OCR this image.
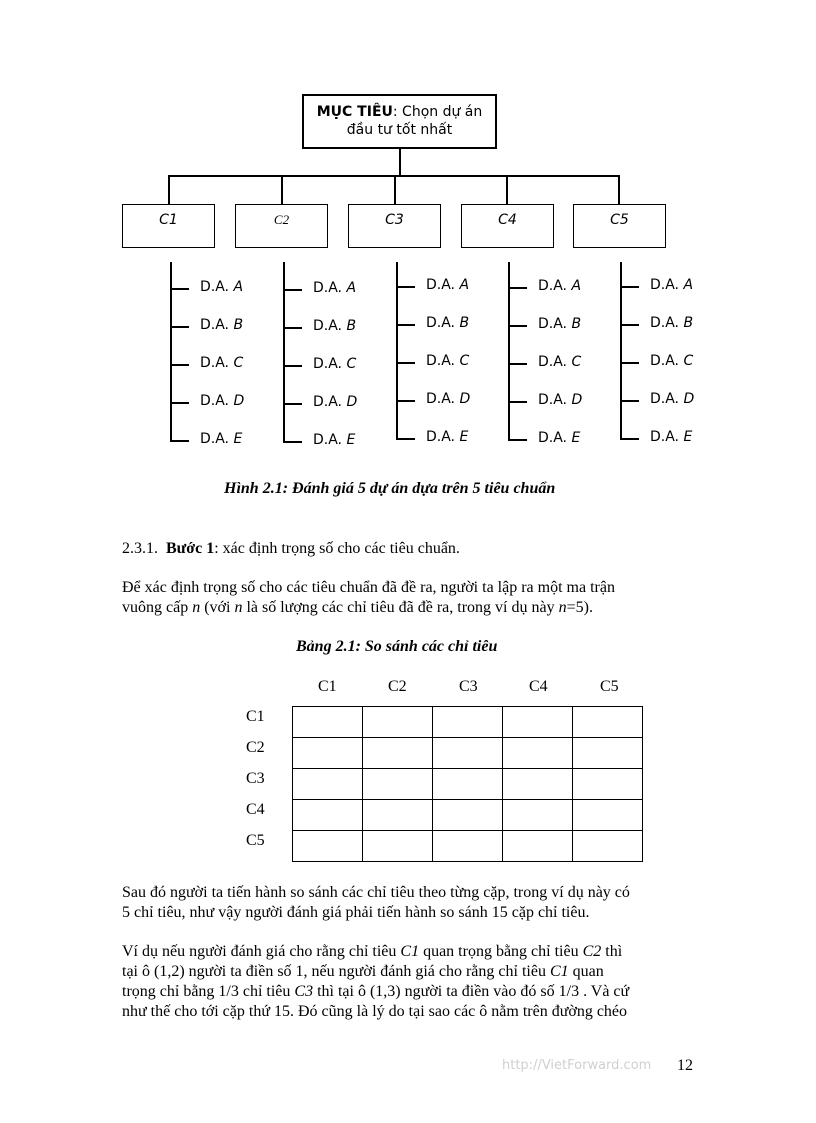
MỤC TIÊU: Chọn dự án
đầu tư tốt nhất
C1	C2	C3	C4	C5
D.A. A
D.A. B
D.A. C
D.A. D
D.A. E
D.A. A
D.A. B
D.A. C
D.A. D
D.A. E
D.A. A
D.A. B
D.A. C
D.A. D
D.A. E
D.A. A
D.A. B
D.A. C
D.A. D
D.A. E
D.A. A
D.A. B
D.A. C
D.A. D
D.A. E
Hình 2.1: Đánh giá 5 dự án dựa trên 5 tiêu chuẩn
2.3.1. Bước 1: xác định trọng số cho các tiêu chuẩn.
Để xác định trọng số cho các tiêu chuẩn đã đề ra, người ta lập ra một ma trận
vuông cấp n (với n là số lượng các chỉ tiêu đã đề ra, trong ví dụ này n=5).
Bảng 2.1: So sánh các chỉ tiêu
C1	C2	C3	C4	C5
C1
C2
C3
C4
C5

Sau đó người ta tiến hành so sánh các chỉ tiêu theo từng cặp, trong ví dụ này có
5 chỉ tiêu, như vậy người đánh giá phải tiến hành so sánh 15 cặp chỉ tiêu.
Ví dụ nếu người đánh giá cho rằng chỉ tiêu C1 quan trọng bằng chỉ tiêu C2 thì
tại ô (1,2) người ta điền số 1, nếu người đánh giá cho rằng chỉ tiêu C1 quan
trọng chỉ bằng 1/3 chỉ tiêu C3 thì tại ô (1,3) người ta điền vào đó số 1/3 . Và cứ
như thế cho tới cặp thứ 15. Đó cũng là lý do tại sao các ô nằm trên đường chéo
http://VietForward.com 12
